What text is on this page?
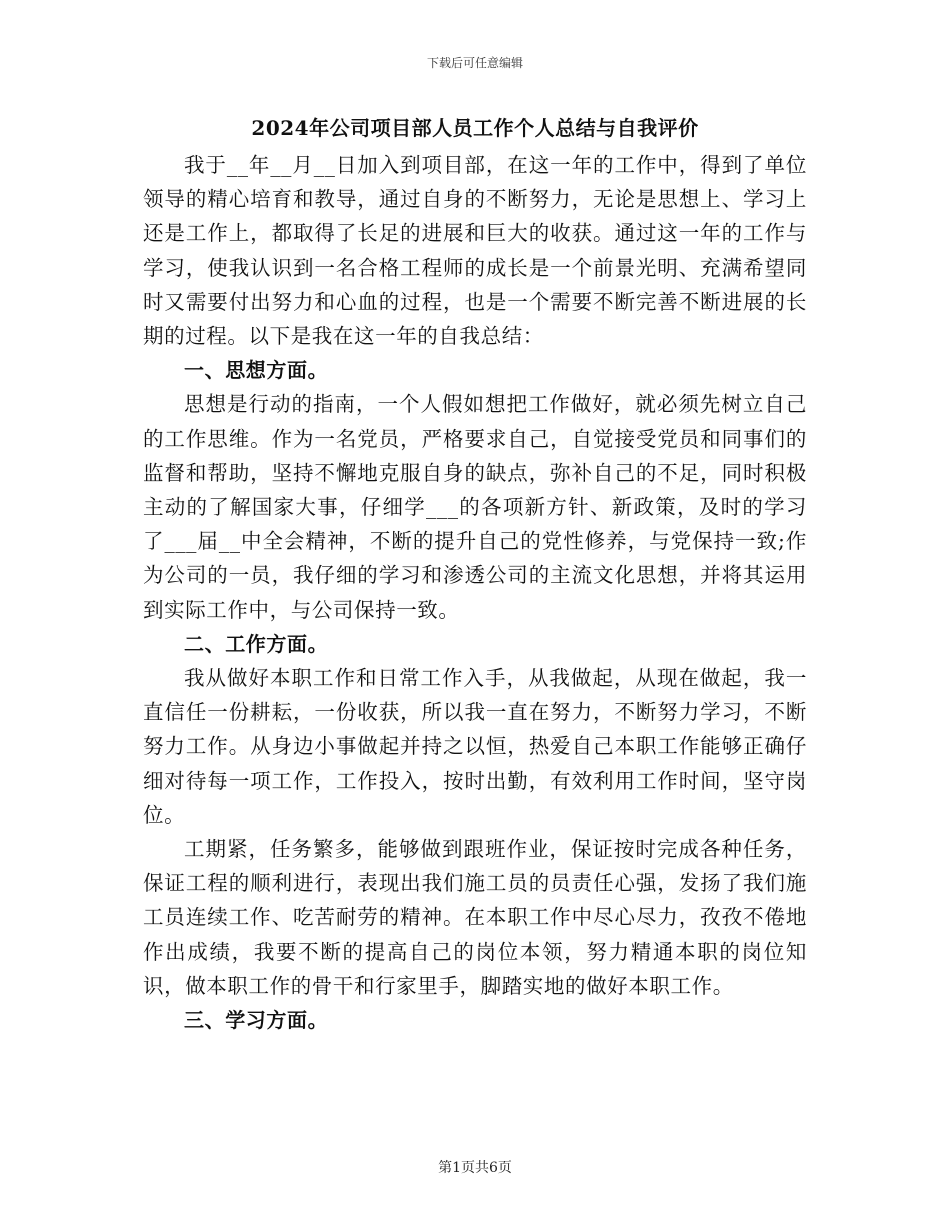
下载后可任意编辑
2024年公司项目部人员工作个人总结与自我评价

我于__年__月__日加入到项目部，在这一年的工作中，得到了单位领导的精心培育和教导，通过自身的不断努力，无论是思想上、学习上还是工作上，都取得了长足的进展和巨大的收获。通过这一年的工作与学习，使我认识到一名合格工程师的成长是一个前景光明、充满希望同时又需要付出努力和心血的过程，也是一个需要不断完善不断进展的长期的过程。以下是我在这一年的自我总结：

一、思想方面。

思想是行动的指南，一个人假如想把工作做好，就必须先树立自己的工作思维。作为一名党员，严格要求自己，自觉接受党员和同事们的监督和帮助，坚持不懈地克服自身的缺点，弥补自己的不足，同时积极主动的了解国家大事，仔细学___的各项新方针、新政策，及时的学习了___届__中全会精神，不断的提升自己的党性修养，与党保持一致;作为公司的一员，我仔细的学习和渗透公司的主流文化思想，并将其运用到实际工作中，与公司保持一致。

二、工作方面。

我从做好本职工作和日常工作入手，从我做起，从现在做起，我一直信任一份耕耘，一份收获，所以我一直在努力，不断努力学习，不断努力工作。从身边小事做起并持之以恒，热爱自己本职工作能够正确仔细对待每一项工作，工作投入，按时出勤，有效利用工作时间，坚守岗位。

工期紧，任务繁多，能够做到跟班作业，保证按时完成各种任务，保证工程的顺利进行，表现出我们施工员的员责任心强，发扬了我们施工员连续工作、吃苦耐劳的精神。在本职工作中尽心尽力，孜孜不倦地作出成绩，我要不断的提高自己的岗位本领，努力精通本职的岗位知识，做本职工作的骨干和行家里手，脚踏实地的做好本职工作。

三、学习方面。

第1页共6页
